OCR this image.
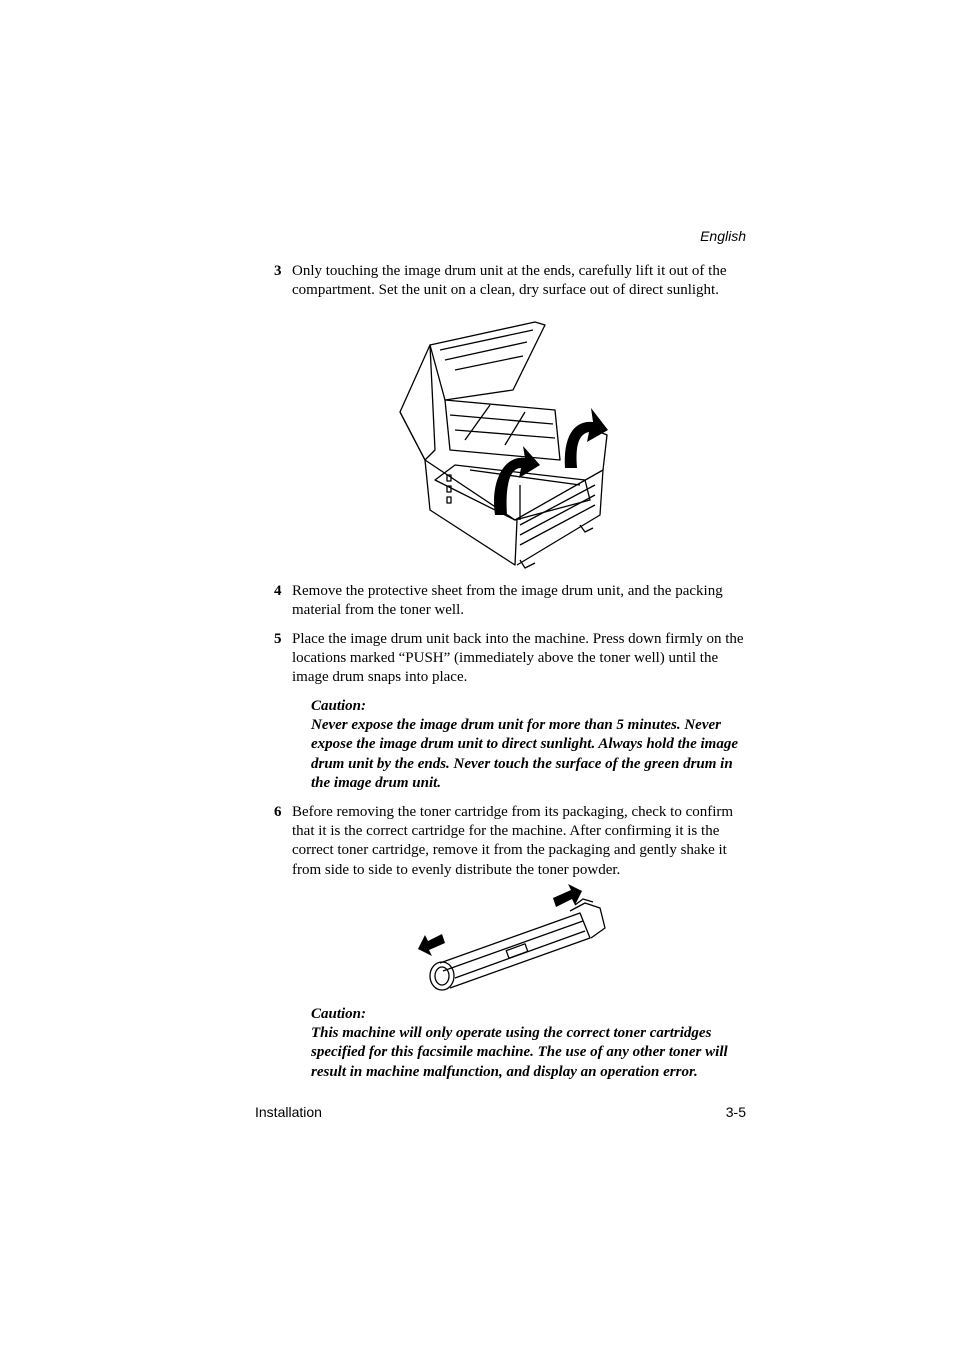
English
3 Only touching the image drum unit at the ends, carefully lift it out of the compartment. Set the unit on a clean, dry surface out of direct sunlight.
4 Remove the protective sheet from the image drum unit, and the packing material from the toner well.
5 Place the image drum unit back into the machine. Press down firmly on the locations marked “PUSH” (immediately above the toner well) until the image drum snaps into place.
Caution:
Never expose the image drum unit for more than 5 minutes. Never expose the image drum unit to direct sunlight. Always hold the image drum unit by the ends. Never touch the surface of the green drum in the image drum unit.
6 Before removing the toner cartridge from its packaging, check to confirm that it is the correct cartridge for the machine. After confirming it is the correct toner cartridge, remove it from the packaging and gently shake it from side to side to evenly distribute the toner powder.
Caution:
This machine will only operate using the correct toner cartridges specified for this facsimile machine. The use of any other toner will result in machine malfunction, and display an operation error.
Installation	3-5
